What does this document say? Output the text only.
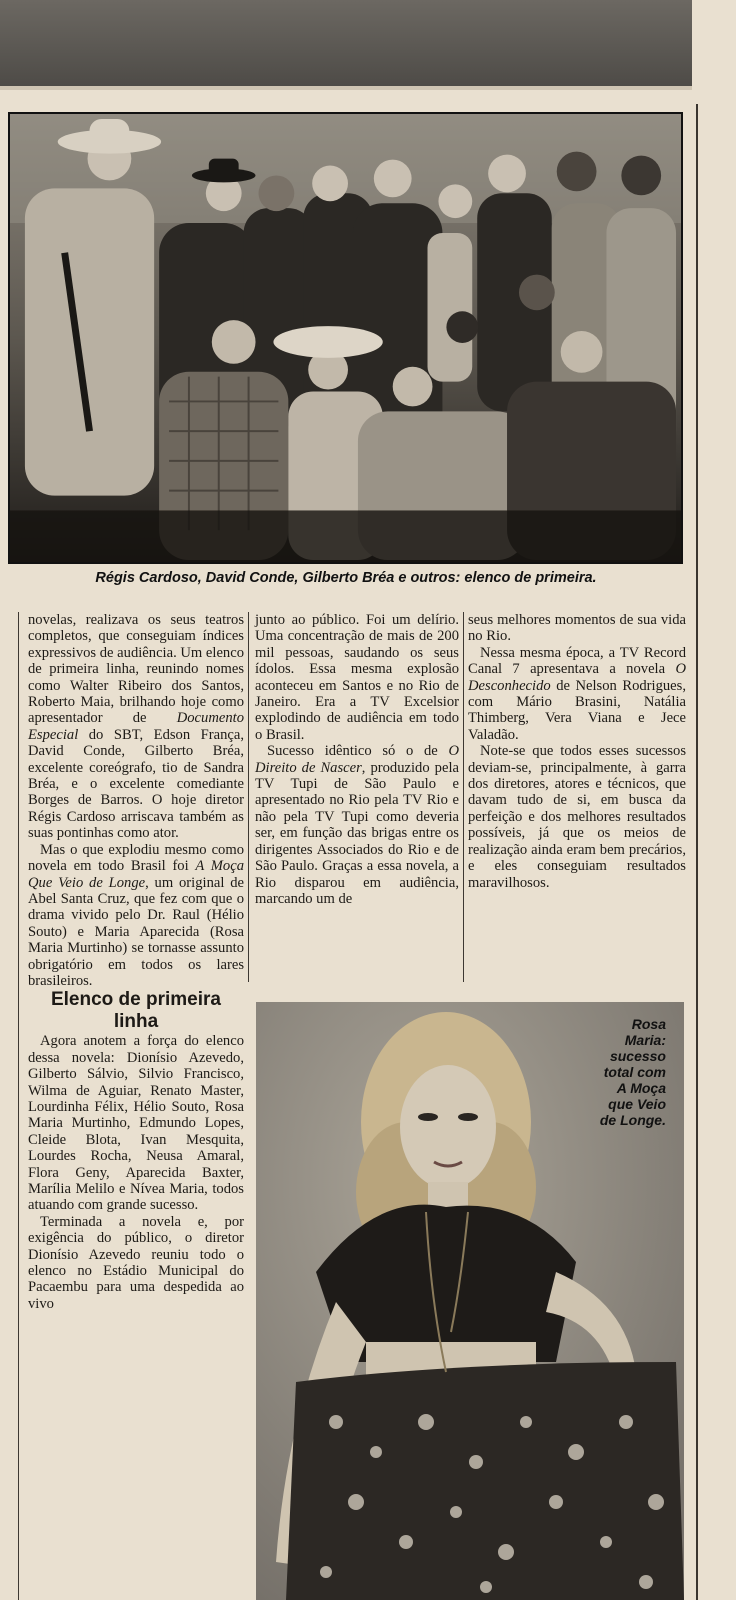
Régis Cardoso, David Conde, Gilberto Bréa e outros: elenco de primeira.

novelas, realizava os seus teatros completos, que conseguiam índices expressivos de audiência. Um elenco de primeira linha, reunindo nomes como Walter Ribeiro dos Santos, Roberto Maia, brilhando hoje como apresentador de Documento Especial do SBT, Edson França, David Conde, Gilberto Bréa, excelente coreógrafo, tio de Sandra Bréa, e o excelente comediante Borges de Barros. O hoje diretor Régis Cardoso arriscava também as suas pontinhas como ator.

Mas o que explodiu mesmo como novela em todo Brasil foi A Moça Que Veio de Longe, um original de Abel Santa Cruz, que fez com que o drama vivido pelo Dr. Raul (Hélio Souto) e Maria Aparecida (Rosa Maria Murtinho) se tornasse assunto obrigatório em todos os lares brasileiros.

Elenco de primeira linha

Agora anotem a força do elenco dessa novela: Dionísio Azevedo, Gilberto Sálvio, Silvio Francisco, Wilma de Aguiar, Renato Master, Lourdinha Félix, Hélio Souto, Rosa Maria Murtinho, Edmundo Lopes, Cleide Blota, Ivan Mesquita, Lourdes Rocha, Neusa Amaral, Flora Geny, Aparecida Baxter, Marília Melilo e Nívea Maria, todos atuando com grande sucesso.

Terminada a novela e, por exigência do público, o diretor Dionísio Azevedo reuniu todo o elenco no Estádio Municipal do Pacaembu para uma despedida ao vivo

junto ao público. Foi um delírio. Uma concentração de mais de 200 mil pessoas, saudando os seus ídolos. Essa mesma explosão aconteceu em Santos e no Rio de Janeiro. Era a TV Excelsior explodindo de audiência em todo o Brasil.

Sucesso idêntico só o de O Direito de Nascer, produzido pela TV Tupi de São Paulo e apresentado no Rio pela TV Rio e não pela TV Tupi como deveria ser, em função das brigas entre os dirigentes Associados do Rio e de São Paulo. Graças a essa novela, a Rio disparou em audiência, marcando um de

seus melhores momentos de sua vida no Rio.

Nessa mesma época, a TV Record Canal 7 apresentava a novela O Desconhecido de Nelson Rodrigues, com Mário Brasini, Natália Thimberg, Vera Viana e Jece Valadão.

Note-se que todos esses sucessos deviam-se, principalmente, à garra dos diretores, atores e técnicos, que davam tudo de si, em busca da perfeição e dos melhores resultados possíveis, já que os meios de realização ainda eram bem precários, e eles conseguiam resultados maravilhosos.

Rosa
Maria:
sucesso
total com
A Moça
que Veio
de Longe.
